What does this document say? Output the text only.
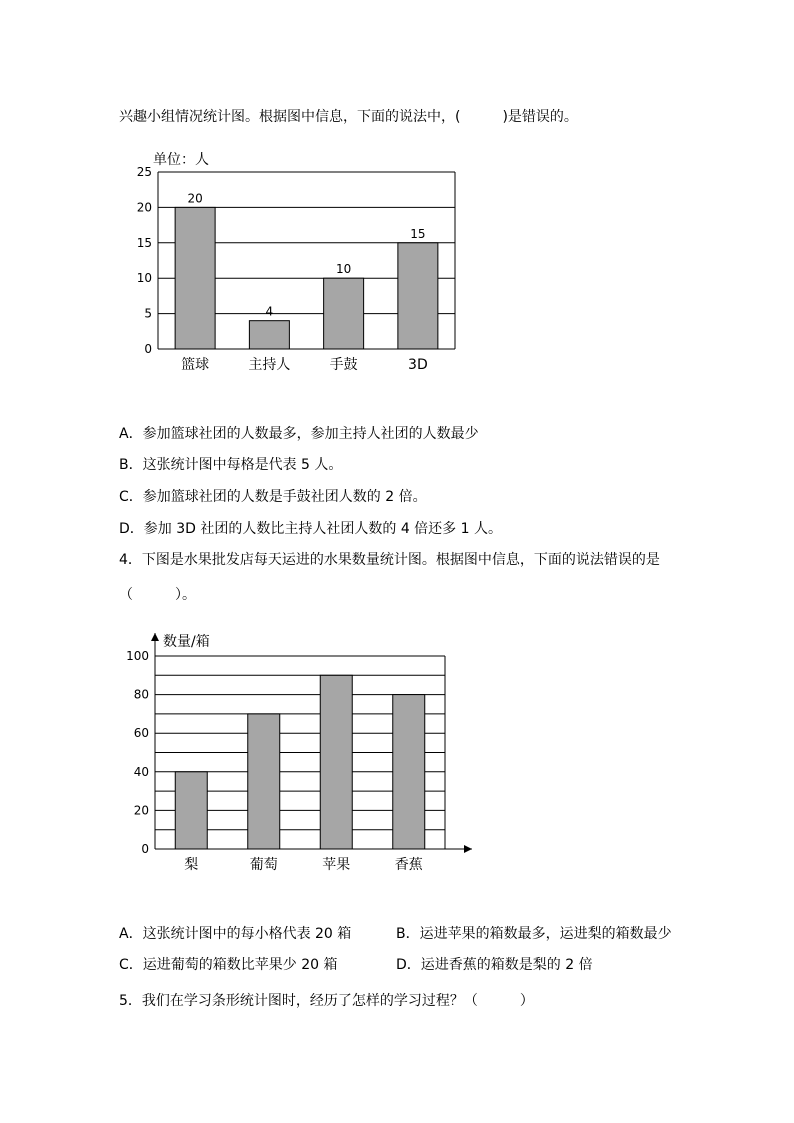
兴趣小组情况统计图。根据图中信息，下面的说法中，(　　　)是错误的。
单位：人
0
5
10
15
20
25
篮球
20
主持人
4
手鼓
10
3D
15
A．参加篮球社团的人数最多，参加主持人社团的人数最少
B．这张统计图中每格是代表 5 人。
C．参加篮球社团的人数是手鼓社团人数的 2 倍。
D．参加 3D 社团的人数比主持人社团人数的 4 倍还多 1 人。
4．下图是水果批发店每天运进的水果数量统计图。根据图中信息，下面的说法错误的是
（　　　）。
数量/箱
0
20
40
60
80
100
梨	葡萄	苹果	香蕉
A．这张统计图中的每小格代表 20 箱	B．运进苹果的箱数最多，运进梨的箱数最少
C．运进葡萄的箱数比苹果少 20 箱	D．运进香蕉的箱数是梨的 2 倍
5．我们在学习条形统计图时，经历了怎样的学习过程？（　　　）
